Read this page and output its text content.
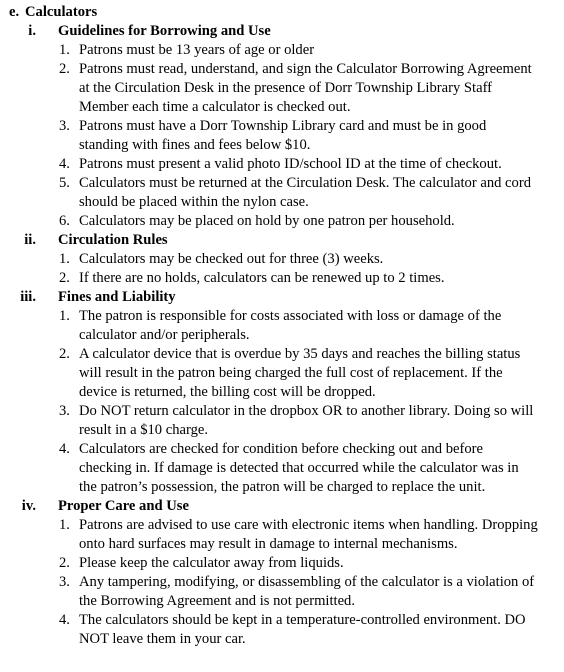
e. Calculators
i.	Guidelines for Borrowing and Use
1. Patrons must be 13 years of age or older
2. Patrons must read, understand, and sign the Calculator Borrowing Agreement at the Circulation Desk in the presence of Dorr Township Library Staff Member each time a calculator is checked out.
3. Patrons must have a Dorr Township Library card and must be in good standing with fines and fees below $10.
4. Patrons must present a valid photo ID/school ID at the time of checkout.
5. Calculators must be returned at the Circulation Desk. The calculator and cord should be placed within the nylon case.
6. Calculators may be placed on hold by one patron per household.
ii.	Circulation Rules
1. Calculators may be checked out for three (3) weeks.
2. If there are no holds, calculators can be renewed up to 2 times.
iii.	Fines and Liability
1. The patron is responsible for costs associated with loss or damage of the calculator and/or peripherals.
2. A calculator device that is overdue by 35 days and reaches the billing status will result in the patron being charged the full cost of replacement. If the device is returned, the billing cost will be dropped.
3. Do NOT return calculator in the dropbox OR to another library. Doing so will result in a $10 charge.
4. Calculators are checked for condition before checking out and before checking in. If damage is detected that occurred while the calculator was in the patron’s possession, the patron will be charged to replace the unit.
iv.	Proper Care and Use
1. Patrons are advised to use care with electronic items when handling. Dropping onto hard surfaces may result in damage to internal mechanisms.
2. Please keep the calculator away from liquids.
3. Any tampering, modifying, or disassembling of the calculator is a violation of the Borrowing Agreement and is not permitted.
4. The calculators should be kept in a temperature-controlled environment. DO NOT leave them in your car.
